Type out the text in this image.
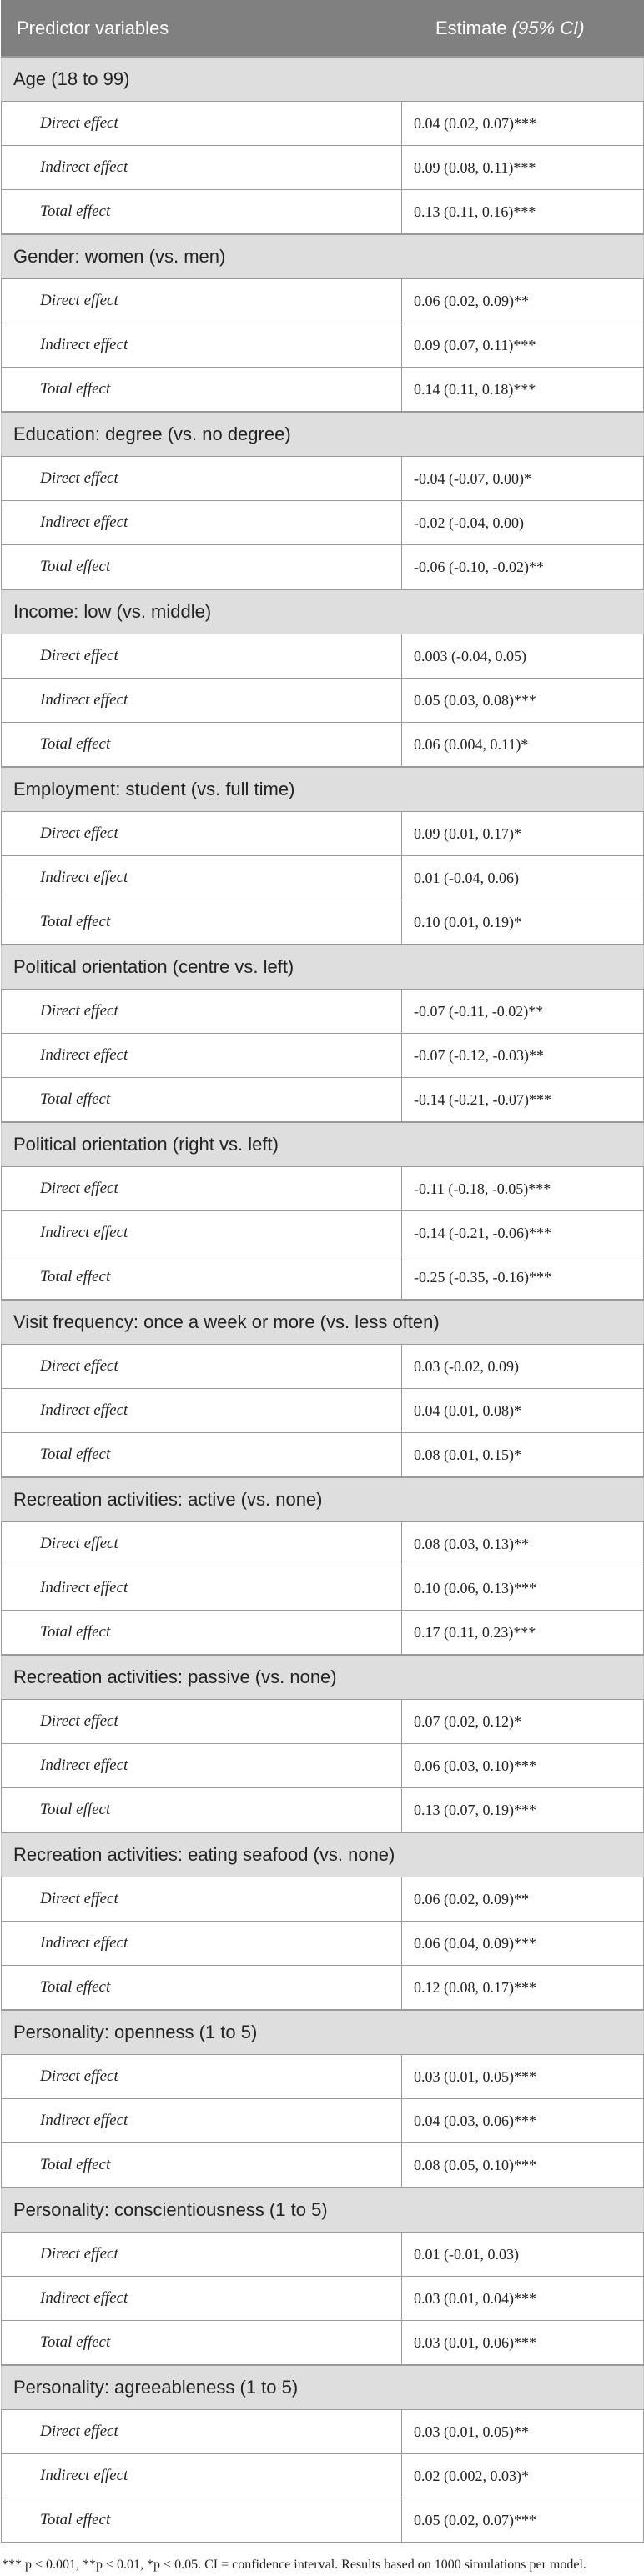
Predictor variables	Estimate (95% CI)
Age (18 to 99)	
Direct effect	0.04 (0.02, 0.07)***
Indirect effect	0.09 (0.08, 0.11)***
Total effect	0.13 (0.11, 0.16)***
Gender: women (vs. men)	
Direct effect	0.06 (0.02, 0.09)**
Indirect effect	0.09 (0.07, 0.11)***
Total effect	0.14 (0.11, 0.18)***
Education: degree (vs. no degree)	
Direct effect	-0.04 (-0.07, 0.00)*
Indirect effect	-0.02 (-0.04, 0.00)
Total effect	-0.06 (-0.10, -0.02)**
Income: low (vs. middle)	
Direct effect	0.003 (-0.04, 0.05)
Indirect effect	0.05 (0.03, 0.08)***
Total effect	0.06 (0.004, 0.11)*
Employment: student (vs. full time)	
Direct effect	0.09 (0.01, 0.17)*
Indirect effect	0.01 (-0.04, 0.06)
Total effect	0.10 (0.01, 0.19)*
Political orientation (centre vs. left)	
Direct effect	-0.07 (-0.11, -0.02)**
Indirect effect	-0.07 (-0.12, -0.03)**
Total effect	-0.14 (-0.21, -0.07)***
Political orientation (right vs. left)	
Direct effect	-0.11 (-0.18, -0.05)***
Indirect effect	-0.14 (-0.21, -0.06)***
Total effect	-0.25 (-0.35, -0.16)***
Visit frequency: once a week or more (vs. less often)	
Direct effect	0.03 (-0.02, 0.09)
Indirect effect	0.04 (0.01, 0.08)*
Total effect	0.08 (0.01, 0.15)*
Recreation activities: active (vs. none)	
Direct effect	0.08 (0.03, 0.13)**
Indirect effect	0.10 (0.06, 0.13)***
Total effect	0.17 (0.11, 0.23)***
Recreation activities: passive (vs. none)	
Direct effect	0.07 (0.02, 0.12)*
Indirect effect	0.06 (0.03, 0.10)***
Total effect	0.13 (0.07, 0.19)***
Recreation activities: eating seafood (vs. none)	
Direct effect	0.06 (0.02, 0.09)**
Indirect effect	0.06 (0.04, 0.09)***
Total effect	0.12 (0.08, 0.17)***
Personality: openness (1 to 5)	
Direct effect	0.03 (0.01, 0.05)***
Indirect effect	0.04 (0.03, 0.06)***
Total effect	0.08 (0.05, 0.10)***
Personality: conscientiousness (1 to 5)	
Direct effect	0.01 (-0.01, 0.03)
Indirect effect	0.03 (0.01, 0.04)***
Total effect	0.03 (0.01, 0.06)***
Personality: agreeableness (1 to 5)	
Direct effect	0.03 (0.01, 0.05)**
Indirect effect	0.02 (0.002, 0.03)*
Total effect	0.05 (0.02, 0.07)***

*** p < 0.001, **p < 0.01, *p < 0.05. CI = confidence interval. Results based on 1000 simulations per model.
